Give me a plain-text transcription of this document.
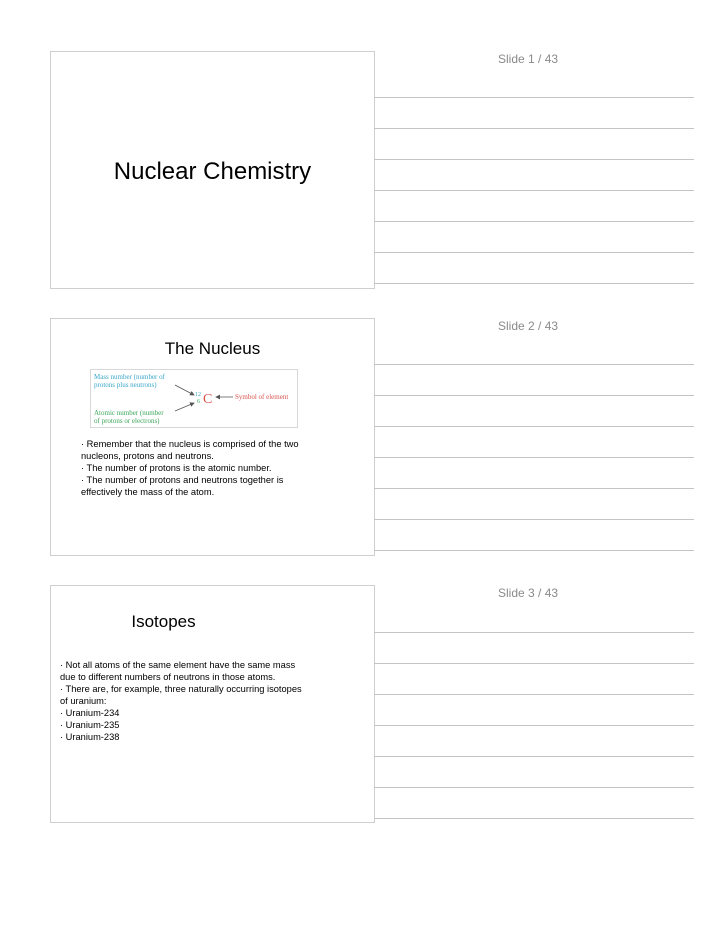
Slide 1 / 43
Nuclear Chemistry
Slide 2 / 43
The Nucleus
Mass number (number of
protons plus neutrons)
12
6 C	Symbol of element
Atomic number (number
of protons or electrons)
· Remember that the nucleus is comprised of the two
nucleons, protons and neutrons.
· The number of protons is the atomic number.
· The number of protons and neutrons together is
effectively the mass of the atom.
Slide 3 / 43
Isotopes
· Not all atoms of the same element have the same mass
due to different numbers of neutrons in those atoms.
· There are, for example, three naturally occurring isotopes
of uranium:
· Uranium-234
· Uranium-235
· Uranium-238
